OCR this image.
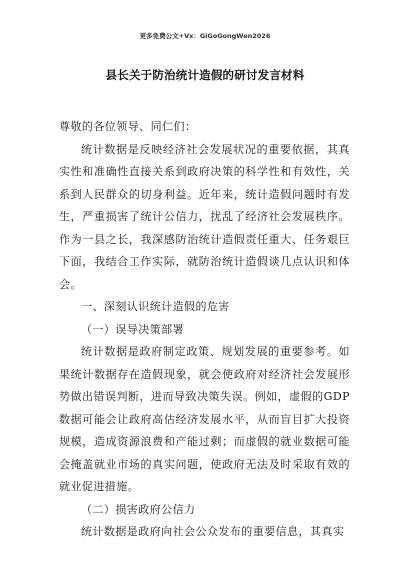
更多免费公文+Vx：GiGoGongWen2026
县长关于防治统计造假的研讨发言材料

尊敬的各位领导、同仁们：

统计数据是反映经济社会发展状况的重要依据，其真实性和准确性直接关系到政府决策的科学性和有效性，关系到人民群众的切身利益。近年来，统计造假问题时有发生，严重损害了统计公信力，扰乱了经济社会发展秩序。作为一县之长，我深感防治统计造假责任重大、任务艰巨下面，我结合工作实际，就防治统计造假谈几点认识和体会。

一、深刻认识统计造假的危害

（一）误导决策部署

统计数据是政府制定政策、规划发展的重要参考。如果统计数据存在造假现象，就会使政府对经济社会发展形势做出错误判断，进而导致决策失误。例如，虚假的GDP数据可能会让政府高估经济发展水平，从而盲目扩大投资规模，造成资源浪费和产能过剩；而虚假的就业数据可能会掩盖就业市场的真实问题，使政府无法及时采取有效的就业促进措施。

（二）损害政府公信力

统计数据是政府向社会公众发布的重要信息，其真实
